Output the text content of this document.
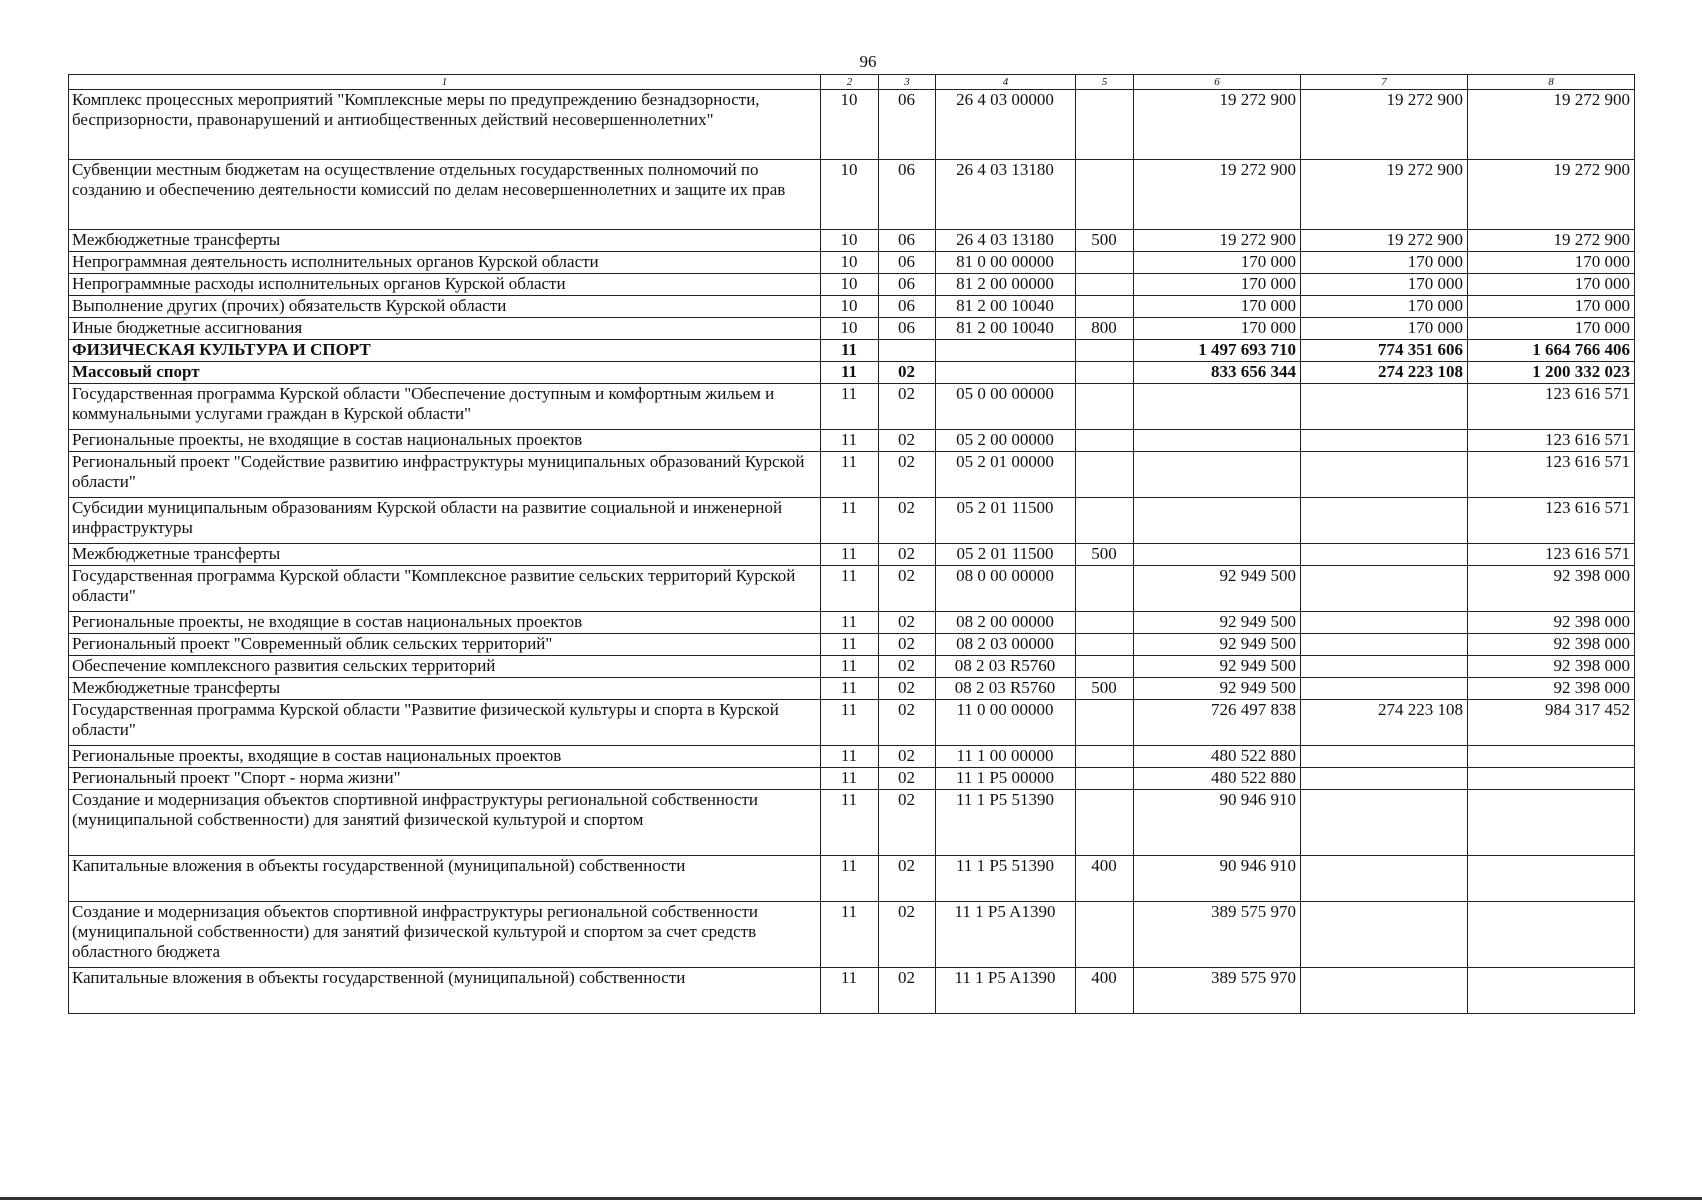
96
1	2	3	4	5	6	7	8
Комплекс процессных мероприятий "Комплексные меры по предупреждению безнадзорности, беспризорности, правонарушений и антиобщественных действий несовершеннолетних"	10	06	26 4 03 00000		19 272 900	19 272 900	19 272 900
Субвенции местным бюджетам на осуществление отдельных государственных полномочий по созданию и обеспечению деятельности комиссий по делам несовершеннолетних и защите их прав	10	06	26 4 03 13180		19 272 900	19 272 900	19 272 900
Межбюджетные трансферты	10	06	26 4 03 13180	500	19 272 900	19 272 900	19 272 900
Непрограммная деятельность исполнительных органов Курской области	10	06	81 0 00 00000		170 000	170 000	170 000
Непрограммные расходы исполнительных органов Курской области	10	06	81 2 00 00000		170 000	170 000	170 000
Выполнение других (прочих) обязательств Курской области	10	06	81 2 00 10040		170 000	170 000	170 000
Иные бюджетные ассигнования	10	06	81 2 00 10040	800	170 000	170 000	170 000
ФИЗИЧЕСКАЯ КУЛЬТУРА И СПОРТ	11				1 497 693 710	774 351 606	1 664 766 406
Массовый спорт	11	02			833 656 344	274 223 108	1 200 332 023
Государственная программа Курской области "Обеспечение доступным и комфортным жильем и коммунальными услугами граждан в Курской области"	11	02	05 0 00 00000				123 616 571
Региональные проекты, не входящие в состав национальных проектов	11	02	05 2 00 00000				123 616 571
Региональный проект "Содействие развитию инфраструктуры муниципальных образований Курской области"	11	02	05 2 01 00000				123 616 571
Субсидии муниципальным образованиям Курской области на развитие социальной и инженерной инфраструктуры	11	02	05 2 01 11500				123 616 571
Межбюджетные трансферты	11	02	05 2 01 11500	500			123 616 571
Государственная программа Курской области "Комплексное развитие сельских территорий Курской области"	11	02	08 0 00 00000		92 949 500		92 398 000
Региональные проекты, не входящие в состав национальных проектов	11	02	08 2 00 00000		92 949 500		92 398 000
Региональный проект "Современный облик сельских территорий"	11	02	08 2 03 00000		92 949 500		92 398 000
Обеспечение комплексного развития сельских территорий	11	02	08 2 03 R5760		92 949 500		92 398 000
Межбюджетные трансферты	11	02	08 2 03 R5760	500	92 949 500		92 398 000
Государственная программа Курской области "Развитие физической культуры и спорта в Курской области"	11	02	11 0 00 00000		726 497 838	274 223 108	984 317 452
Региональные проекты, входящие в состав национальных проектов	11	02	11 1 00 00000		480 522 880		
Региональный проект "Спорт - норма жизни"	11	02	11 1 P5 00000		480 522 880		
Создание и модернизация объектов спортивной инфраструктуры региональной собственности (муниципальной собственности) для занятий физической культурой и спортом	11	02	11 1 P5 51390		90 946 910		
Капитальные вложения в объекты государственной (муниципальной) собственности	11	02	11 1 P5 51390	400	90 946 910		
Создание и модернизация объектов спортивной инфраструктуры региональной собственности (муниципальной собственности) для занятий физической культурой и спортом за счет средств областного бюджета	11	02	11 1 P5 A1390		389 575 970		
Капитальные вложения в объекты государственной (муниципальной) собственности	11	02	11 1 P5 A1390	400	389 575 970		
